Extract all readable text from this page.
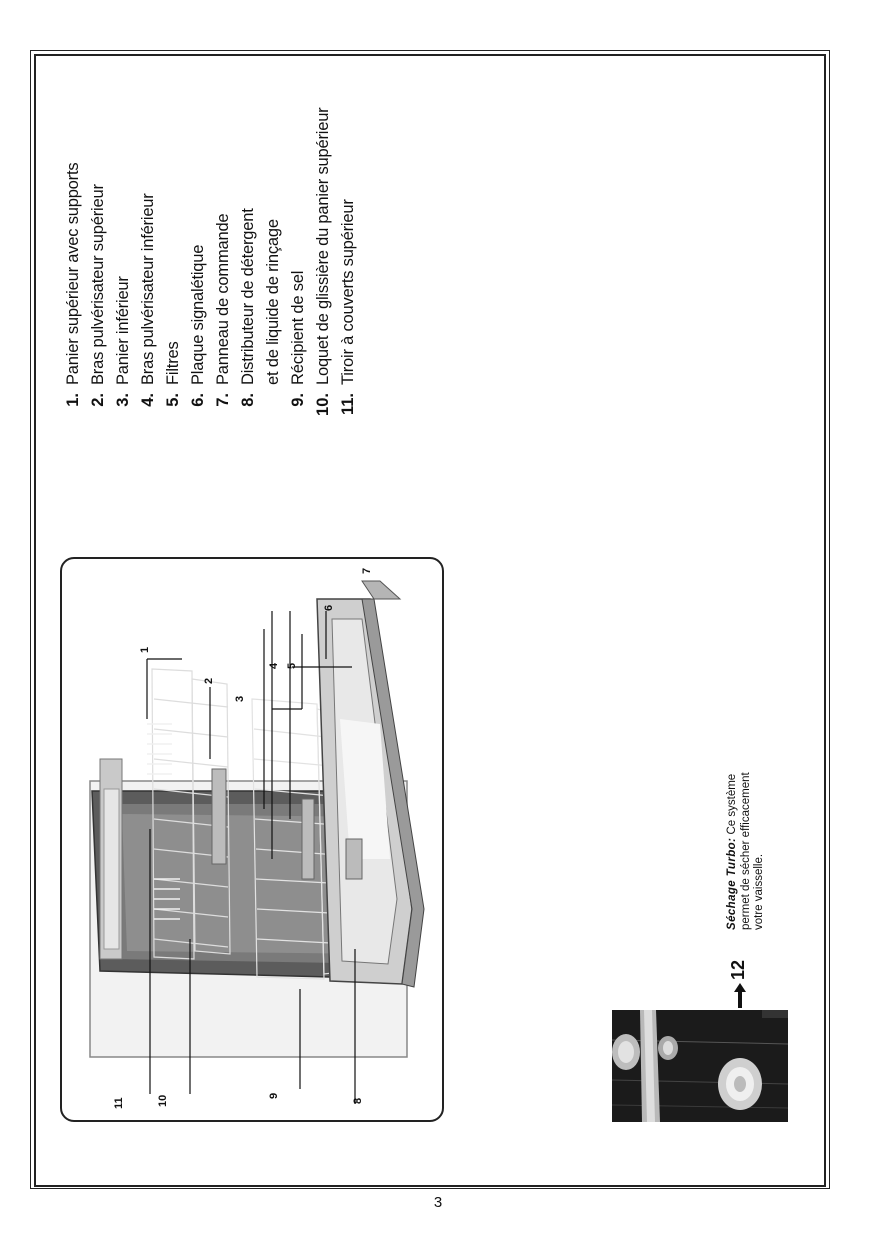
1.
Panier supérieur avec supports
2.
Bras pulvérisateur supérieur
3.
Panier inférieur
4.
Bras pulvérisateur inférieur
5.
Filtres
6.
Plaque signalétique
7.
Panneau de commande
8.
Distributeur de détergent et de liquide de rinçage
9.
Récipient de sel
10.
Loquet de glissière du panier supérieur
11.
Tiroir à couverts supérieur
1
2
3
4 5
6
7
8
9
10
11
12
Séchage Turbo: Ce système permet de sécher efficacement votre vaisselle.
3
